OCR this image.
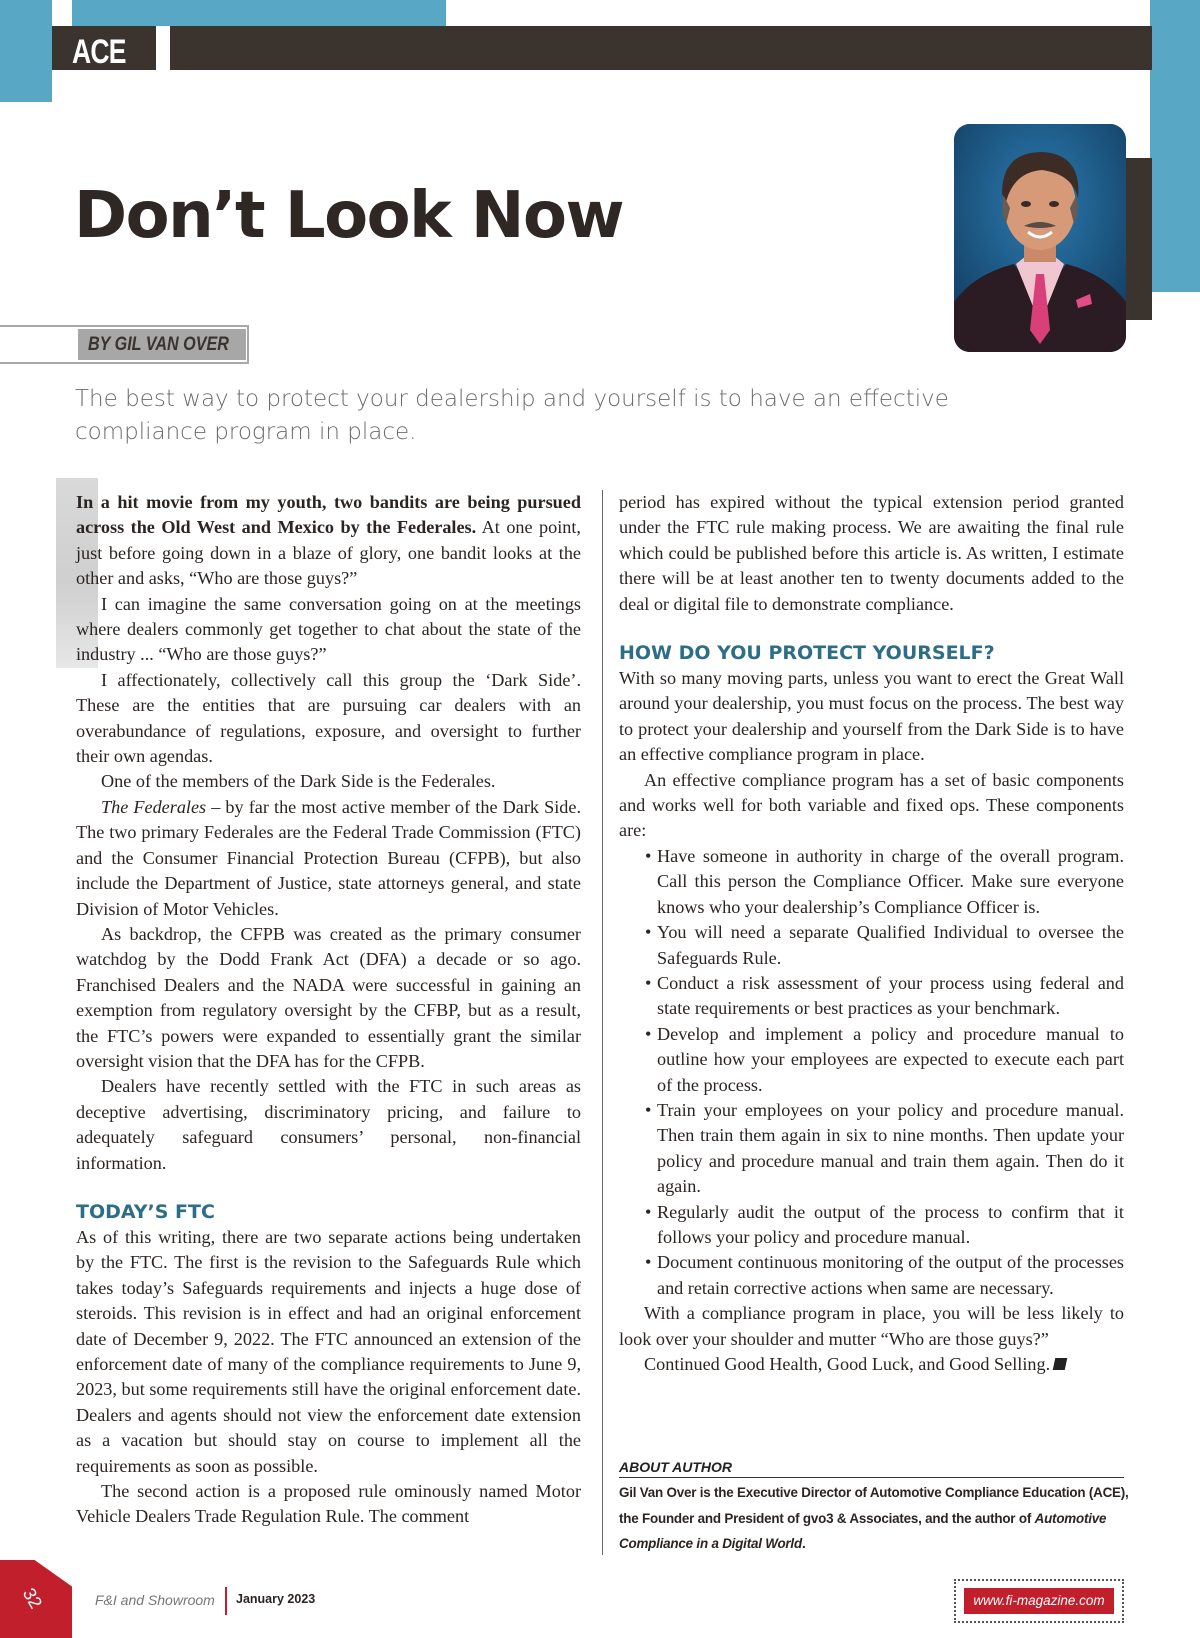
ACE
Don’t Look Now
BY GIL VAN OVER

The best way to protect your dealership and yourself is to have an effective compliance program in place.

In a hit movie from my youth, two bandits are being pursued across the Old West and Mexico by the Federales. At one point, just before going down in a blaze of glory, one bandit looks at the other and asks, “Who are those guys?”

I can imagine the same conversation going on at the meetings where dealers commonly get together to chat about the state of the industry ... “Who are those guys?”

I affectionately, collectively call this group the ‘Dark Side’. These are the entities that are pursuing car dealers with an overabundance of regulations, exposure, and oversight to further their own agendas.

One of the members of the Dark Side is the Federales.

The Federales – by far the most active member of the Dark Side. The two primary Federales are the Federal Trade Commission (FTC) and the Consumer Financial Protection Bureau (CFPB), but also include the Department of Justice, state attorneys general, and state Division of Motor Vehicles.

As backdrop, the CFPB was created as the primary consumer watchdog by the Dodd Frank Act (DFA) a decade or so ago. Franchised Dealers and the NADA were successful in gaining an exemption from regulatory oversight by the CFBP, but as a result, the FTC’s powers were expanded to essentially grant the similar oversight vision that the DFA has for the CFPB.

Dealers have recently settled with the FTC in such areas as deceptive advertising, discriminatory pricing, and failure to adequately safeguard consumers’ personal, non-financial information.

TODAY’S FTC

As of this writing, there are two separate actions being undertaken by the FTC. The first is the revision to the Safeguards Rule which takes today’s Safeguards requirements and injects a huge dose of steroids. This revision is in effect and had an original enforcement date of December 9, 2022. The FTC announced an extension of the enforcement date of many of the compliance requirements to June 9, 2023, but some requirements still have the original enforcement date. Dealers and agents should not view the enforcement date extension as a vacation but should stay on course to implement all the requirements as soon as possible.

The second action is a proposed rule ominously named Motor Vehicle Dealers Trade Regulation Rule. The comment

period has expired without the typical extension period granted under the FTC rule making process. We are awaiting the final rule which could be published before this article is. As written, I estimate there will be at least another ten to twenty documents added to the deal or digital file to demonstrate compliance.

HOW DO YOU PROTECT YOURSELF?

With so many moving parts, unless you want to erect the Great Wall around your dealership, you must focus on the process. The best way to protect your dealership and yourself from the Dark Side is to have an effective compliance program in place.

An effective compliance program has a set of basic components and works well for both variable and fixed ops. These components are:

• Have someone in authority in charge of the overall program. Call this person the Compliance Officer. Make sure everyone knows who your dealership’s Compliance Officer is.
• You will need a separate Qualified Individual to oversee the Safeguards Rule.
• Conduct a risk assessment of your process using federal and state requirements or best practices as your benchmark.
• Develop and implement a policy and procedure manual to outline how your employees are expected to execute each part of the process.
• Train your employees on your policy and procedure manual. Then train them again in six to nine months. Then update your policy and procedure manual and train them again. Then do it again.
• Regularly audit the output of the process to confirm that it follows your policy and procedure manual.
• Document continuous monitoring of the output of the processes and retain corrective actions when same are necessary.

With a compliance program in place, you will be less likely to look over your shoulder and mutter “Who are those guys?”

Continued Good Health, Good Luck, and Good Selling.

ABOUT AUTHOR
Gil Van Over is the Executive Director of Automotive Compliance Education (ACE), the Founder and President of gvo3 & Associates, and the author of Automotive Compliance in a Digital World.
32	F&I and Showroom January 2023	www.fi-magazine.com
